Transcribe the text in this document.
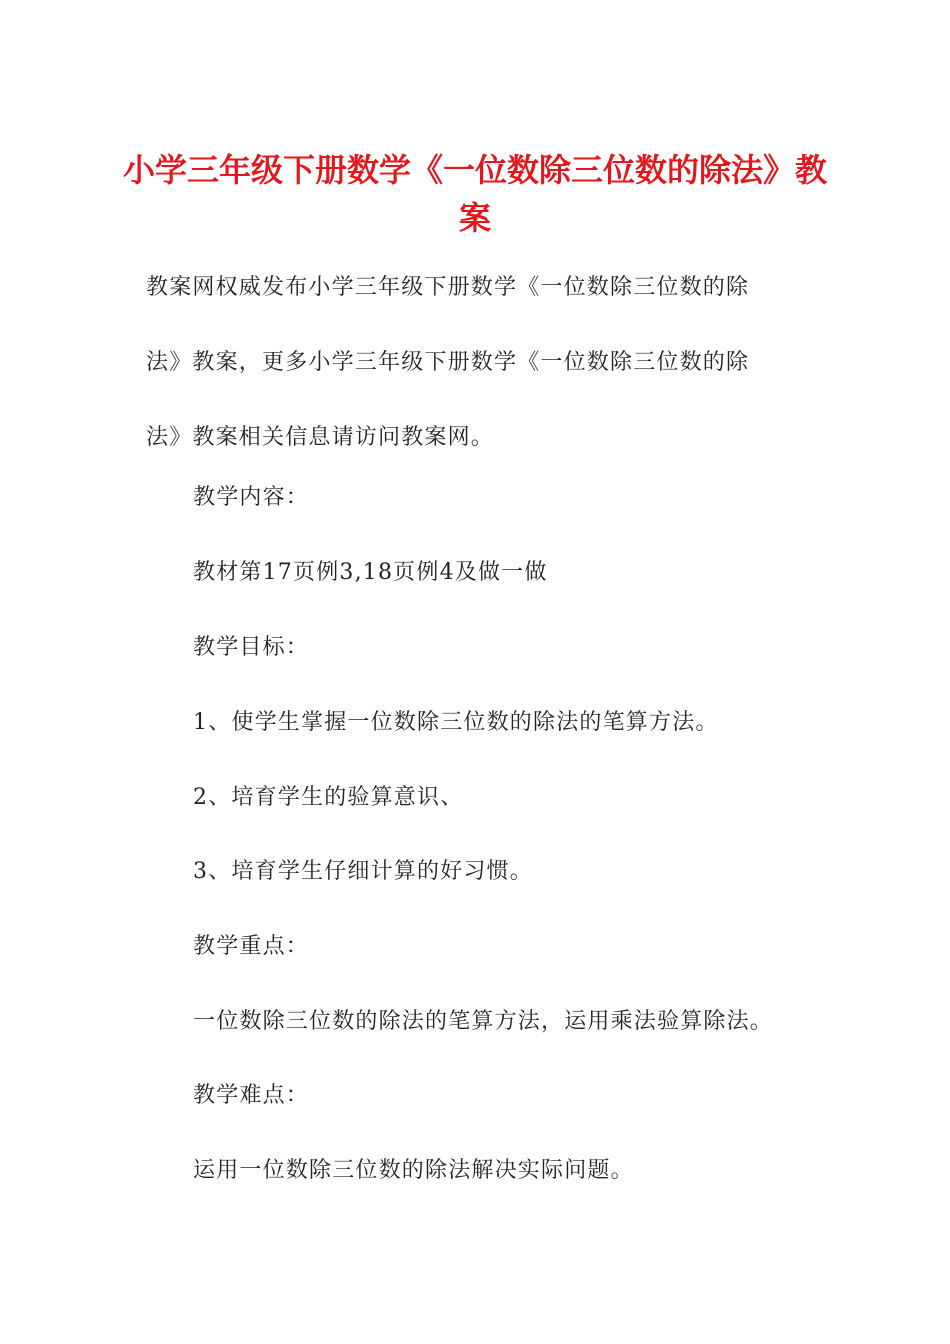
小学三年级下册数学《一位数除三位数的除法》教案
教案网权威发布小学三年级下册数学《一位数除三位数的除
法》教案，更多小学三年级下册数学《一位数除三位数的除
法》教案相关信息请访问教案网。

教学内容：

教材第17页例3,18页例4及做一做

教学目标：

1、使学生掌握一位数除三位数的除法的笔算方法。

2、培育学生的验算意识、

3、培育学生仔细计算的好习惯。

教学重点：

一位数除三位数的除法的笔算方法，运用乘法验算除法。

教学难点：

运用一位数除三位数的除法解决实际问题。
